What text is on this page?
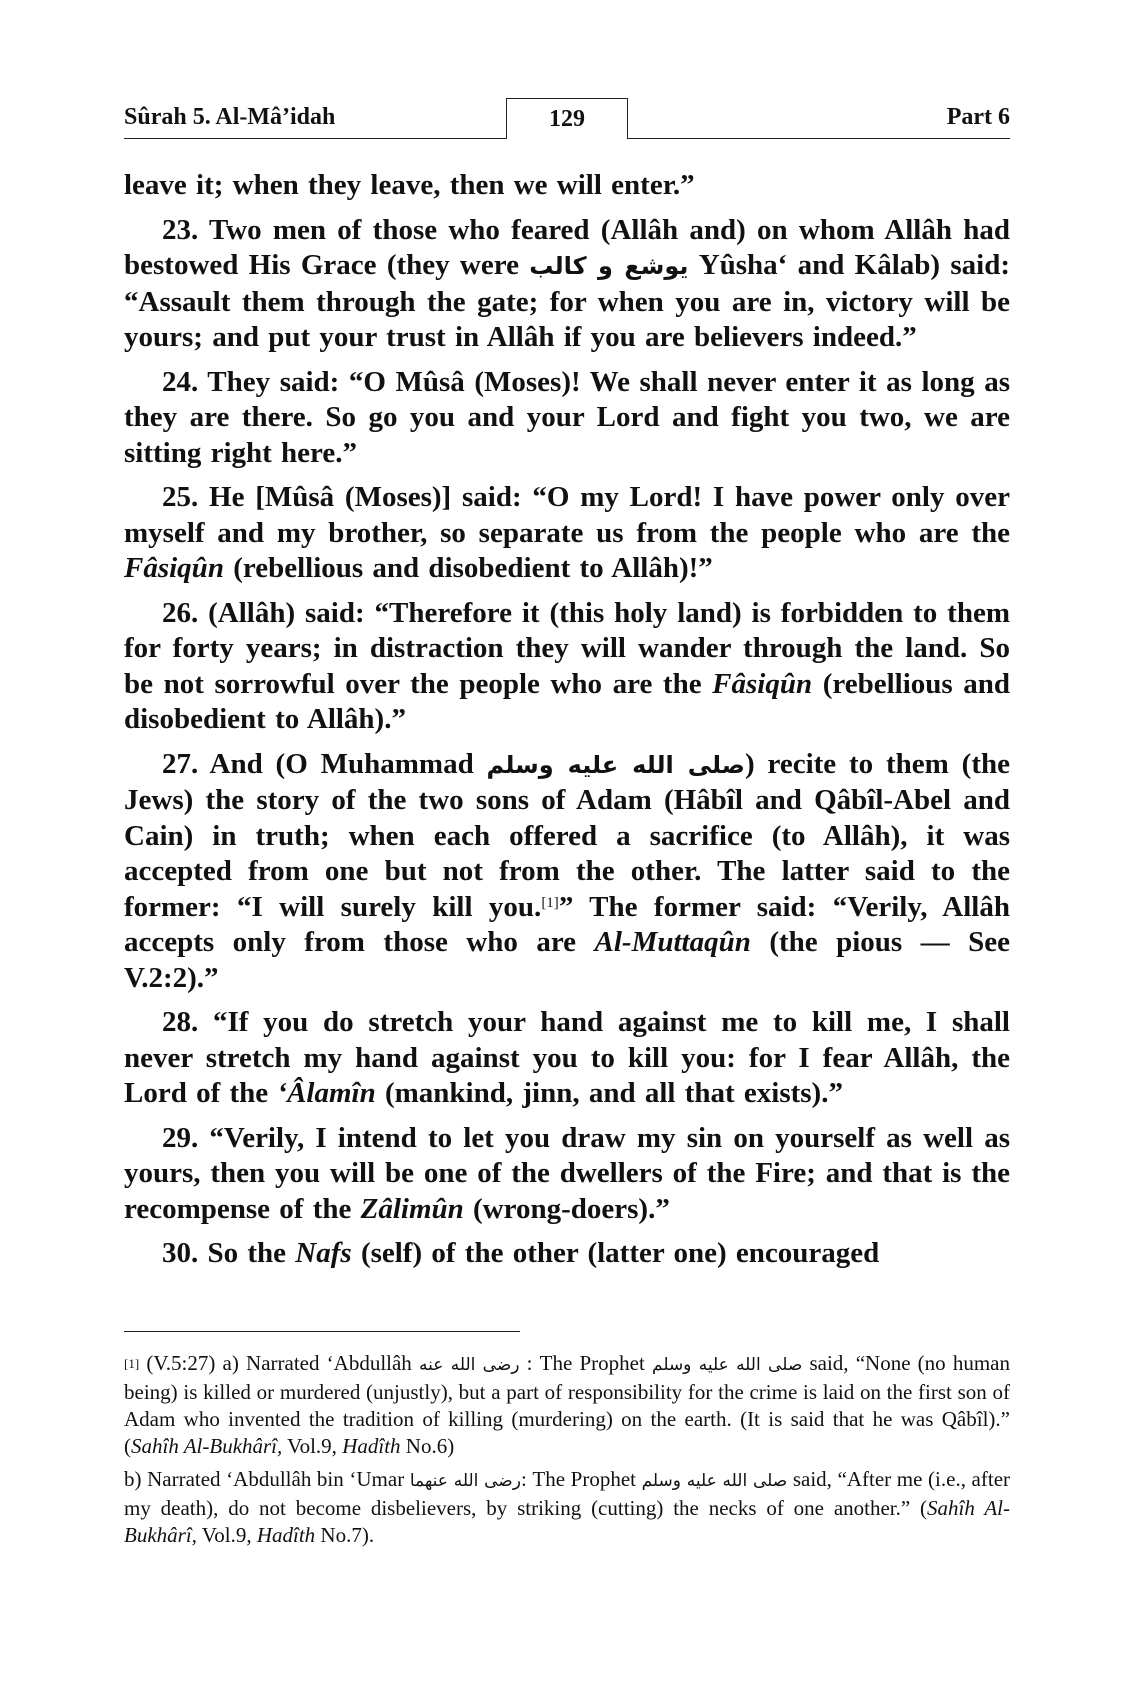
Sûrah 5. Al-Mâ’idah	129	Part 6

leave it; when they leave, then we will enter.”

23. Two men of those who feared (Allâh and) on whom Allâh had bestowed His Grace (they were يوشع و كالب Yûsha‘ and Kâlab) said: “Assault them through the gate; for when you are in, victory will be yours; and put your trust in Allâh if you are believers indeed.”

24. They said: “O Mûsâ (Moses)! We shall never enter it as long as they are there. So go you and your Lord and fight you two, we are sitting right here.”

25. He [Mûsâ (Moses)] said: “O my Lord! I have power only over myself and my brother, so separate us from the people who are the Fâsiqûn (rebellious and disobedient to Allâh)!”

26. (Allâh) said: “Therefore it (this holy land) is forbidden to them for forty years; in distraction they will wander through the land. So be not sorrowful over the people who are the Fâsiqûn (rebellious and disobedient to Allâh).”

27. And (O Muhammad صلى الله عليه وسلم) recite to them (the Jews) the story of the two sons of Adam (Hâbîl and Qâbîl-Abel and Cain) in truth; when each offered a sacrifice (to Allâh), it was accepted from one but not from the other. The latter said to the former: “I will surely kill you.[1]” The former said: “Verily, Allâh accepts only from those who are Al-Muttaqûn (the pious — See V.2:2).”

28. “If you do stretch your hand against me to kill me, I shall never stretch my hand against you to kill you: for I fear Allâh, the Lord of the ‘Âlamîn (mankind, jinn, and all that exists).”

29. “Verily, I intend to let you draw my sin on yourself as well as yours, then you will be one of the dwellers of the Fire; and that is the recompense of the Zâlimûn (wrong-doers).”

30. So the Nafs (self) of the other (latter one) encouraged

[1] (V.5:27) a) Narrated ‘Abdullâh رضى الله عنه : The Prophet صلى الله عليه وسلم said, “None (no human being) is killed or murdered (unjustly), but a part of responsibility for the crime is laid on the first son of Adam who invented the tradition of killing (murdering) on the earth. (It is said that he was Qâbîl).” (Sahîh Al-Bukhârî, Vol.9, Hadîth No.6)

b) Narrated ‘Abdullâh bin ‘Umar رضى الله عنهما: The Prophet صلى الله عليه وسلم said, “After me (i.e., after my death), do not become disbelievers, by striking (cutting) the necks of one another.” (Sahîh Al-Bukhârî, Vol.9, Hadîth No.7).
